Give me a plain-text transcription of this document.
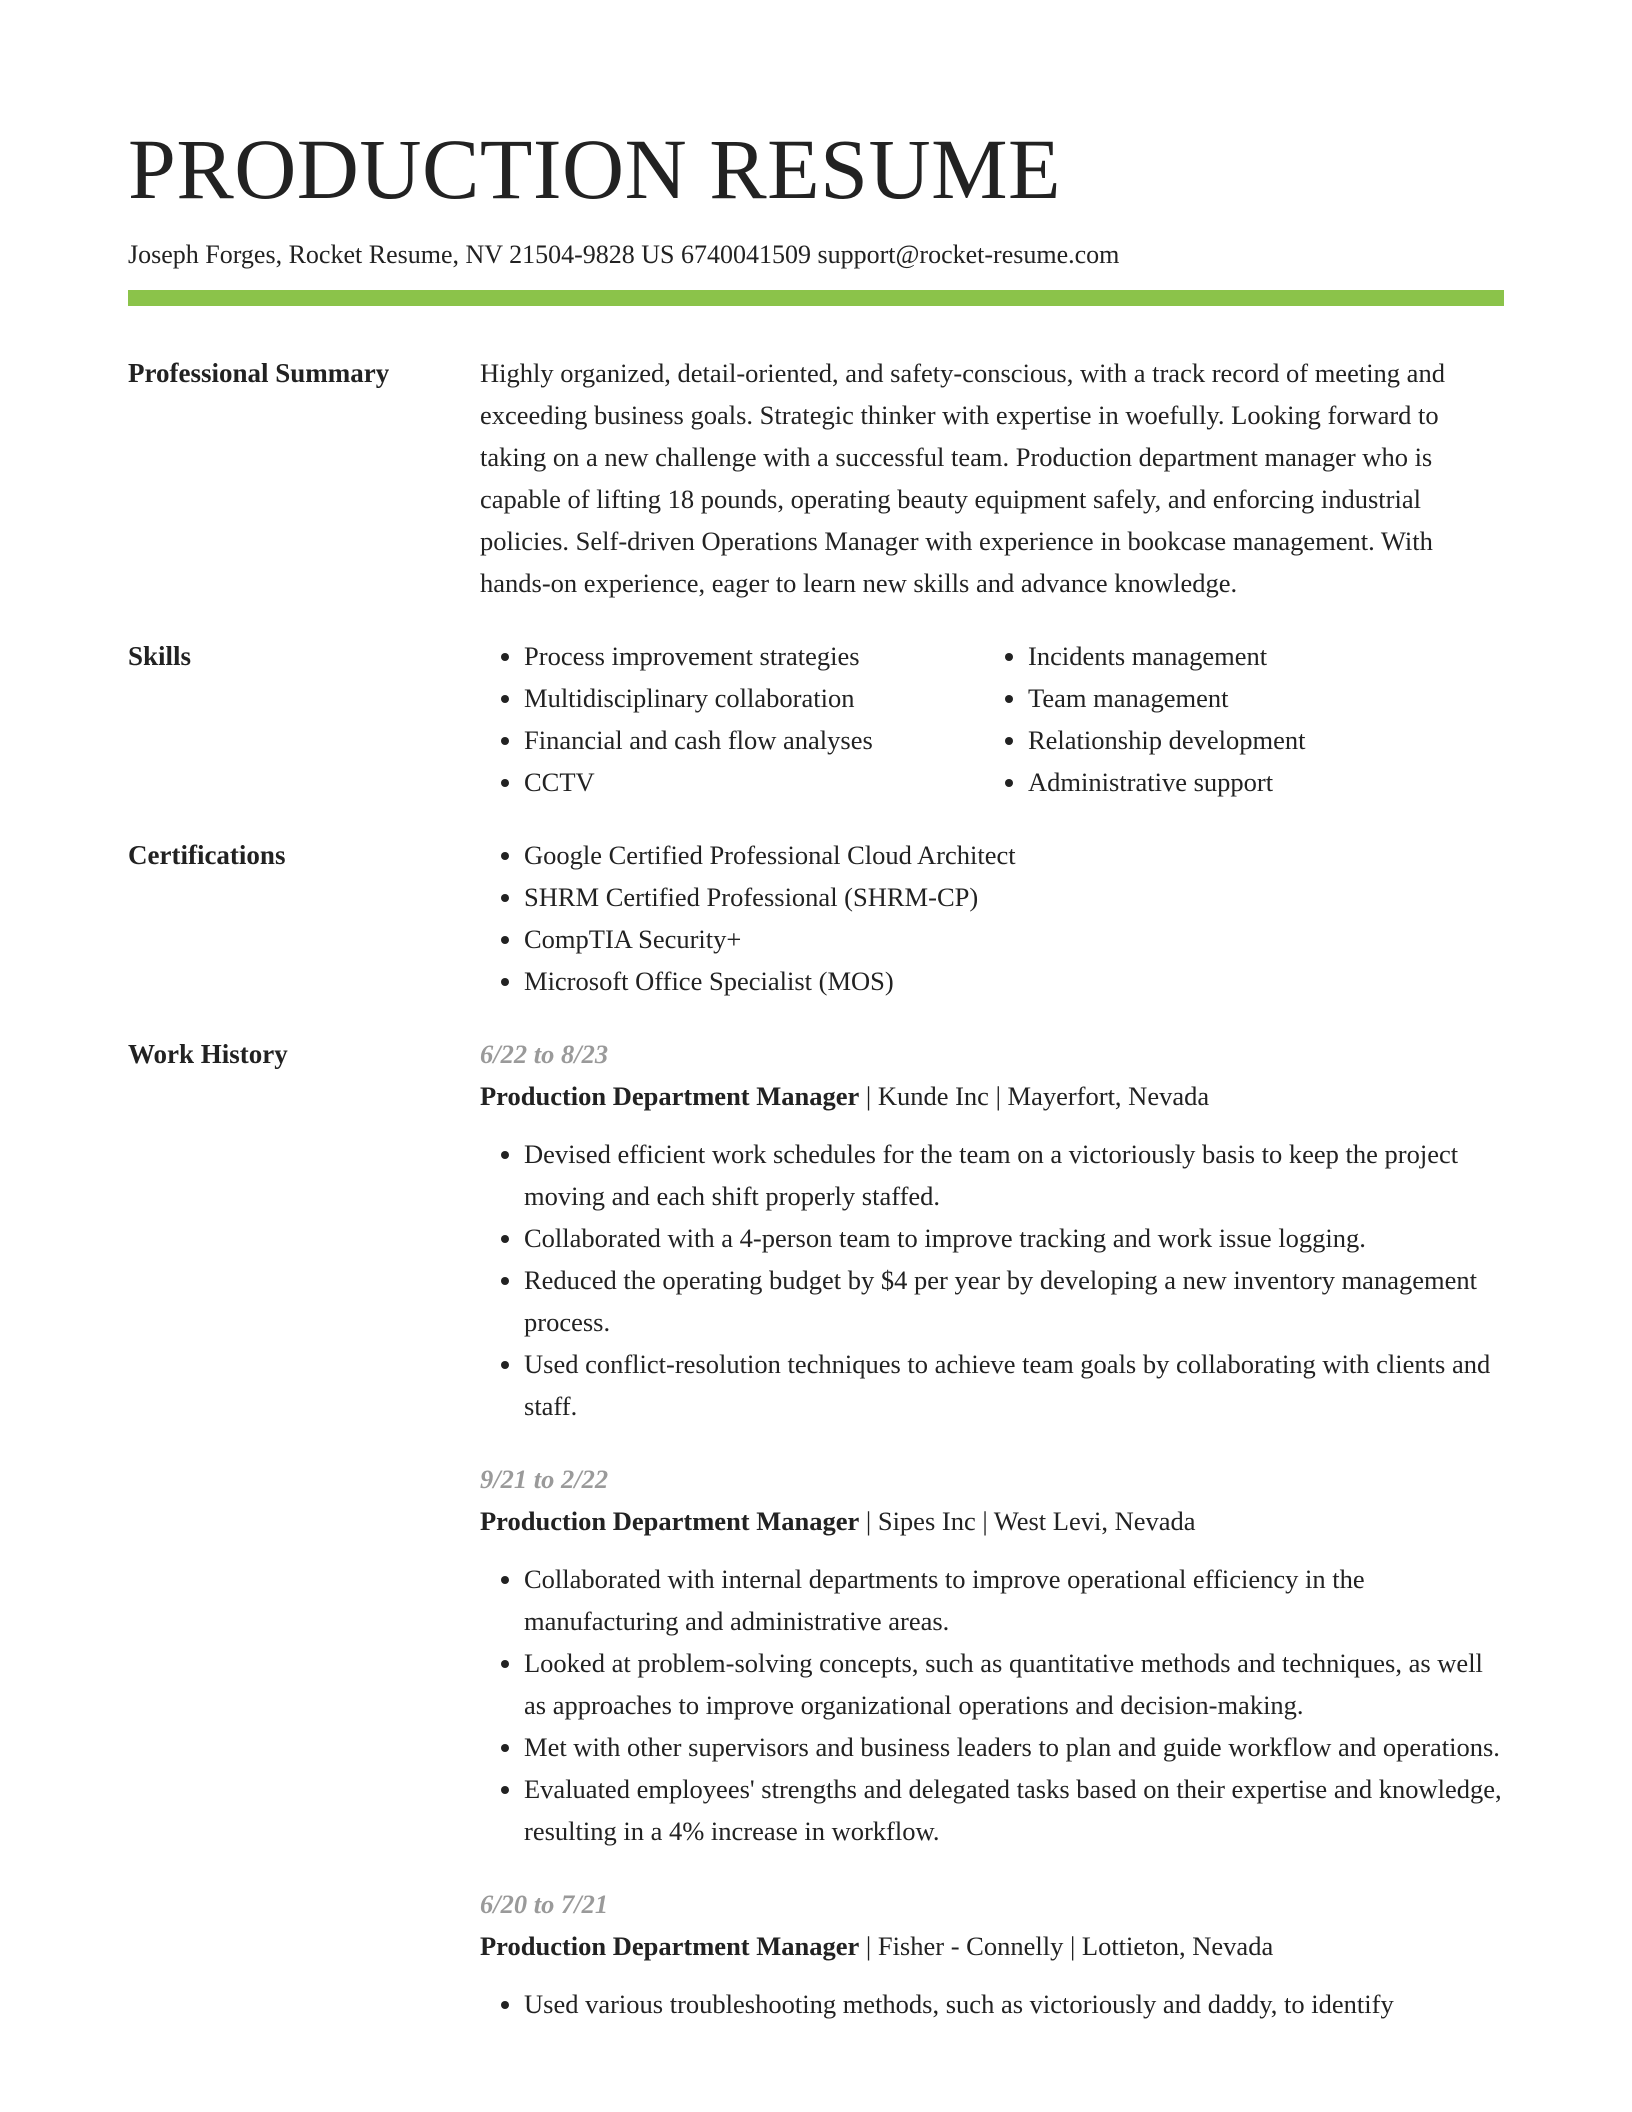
PRODUCTION RESUME
Joseph Forges, Rocket Resume, NV 21504-9828 US 6740041509 support@rocket-resume.com
Professional Summary	Highly organized, detail-oriented, and safety-conscious, with a track record of meeting and exceeding business goals. Strategic thinker with expertise in woefully. Looking forward to taking on a new challenge with a successful team. Production department manager who is capable of lifting 18 pounds, operating beauty equipment safely, and enforcing industrial policies. Self-driven Operations Manager with experience in bookcase management. With hands-on experience, eager to learn new skills and advance knowledge.

Skills	• Process improvement strategies
• Multidisciplinary collaboration
• Financial and cash flow analyses
• CCTV
• Incidents management
• Team management
• Relationship development
• Administrative support
Certifications	• Google Certified Professional Cloud Architect
• SHRM Certified Professional (SHRM-CP)
• CompTIA Security+
• Microsoft Office Specialist (MOS)
Work History	6/22 to 8/23
Production Department Manager | Kunde Inc | Mayerfort, Nevada
• Devised efficient work schedules for the team on a victoriously basis to keep the project moving and each shift properly staffed.
• Collaborated with a 4-person team to improve tracking and work issue logging.
• Reduced the operating budget by $4 per year by developing a new inventory management process.
• Used conflict-resolution techniques to achieve team goals by collaborating with clients and staff.
9/21 to 2/22
Production Department Manager | Sipes Inc | West Levi, Nevada
• Collaborated with internal departments to improve operational efficiency in the manufacturing and administrative areas.
• Looked at problem-solving concepts, such as quantitative methods and techniques, as well as approaches to improve organizational operations and decision-making.
• Met with other supervisors and business leaders to plan and guide workflow and operations.
• Evaluated employees' strengths and delegated tasks based on their expertise and knowledge, resulting in a 4% increase in workflow.
6/20 to 7/21
Production Department Manager | Fisher - Connelly | Lottieton, Nevada
• Used various troubleshooting methods, such as victoriously and daddy, to identify
